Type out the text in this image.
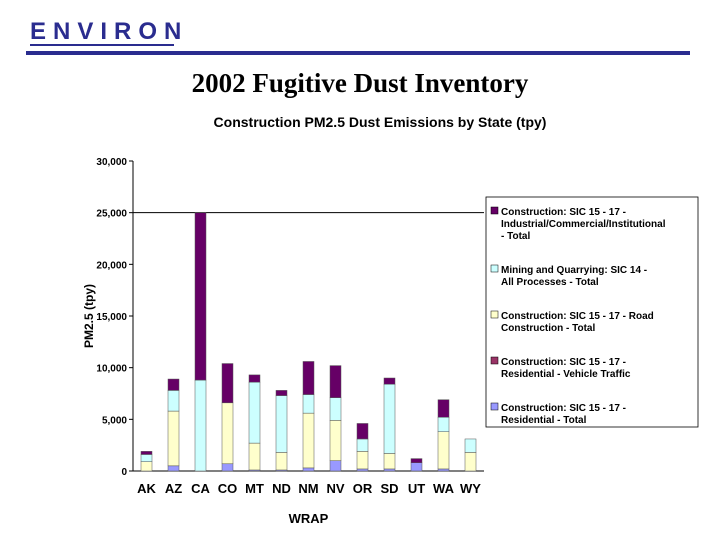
ENVIRON
2002 Fugitive Dust Inventory
Construction PM2.5 Dust Emissions by State (tpy)
0
5,000
10,000
15,000
20,000
25,000
30,000
PM2.5 (tpy)
AK AZ CA CO MT ND NM NV OR SD UT WA WY
WRAP
Construction: SIC 15 - 17 -
Industrial/Commercial/Institutional
- Total
Mining and Quarrying: SIC 14 -
All Processes - Total
Construction: SIC 15 - 17 - Road
Construction - Total
Construction: SIC 15 - 17 -
Residential - Vehicle Traffic
Construction: SIC 15 - 17 -
Residential - Total
